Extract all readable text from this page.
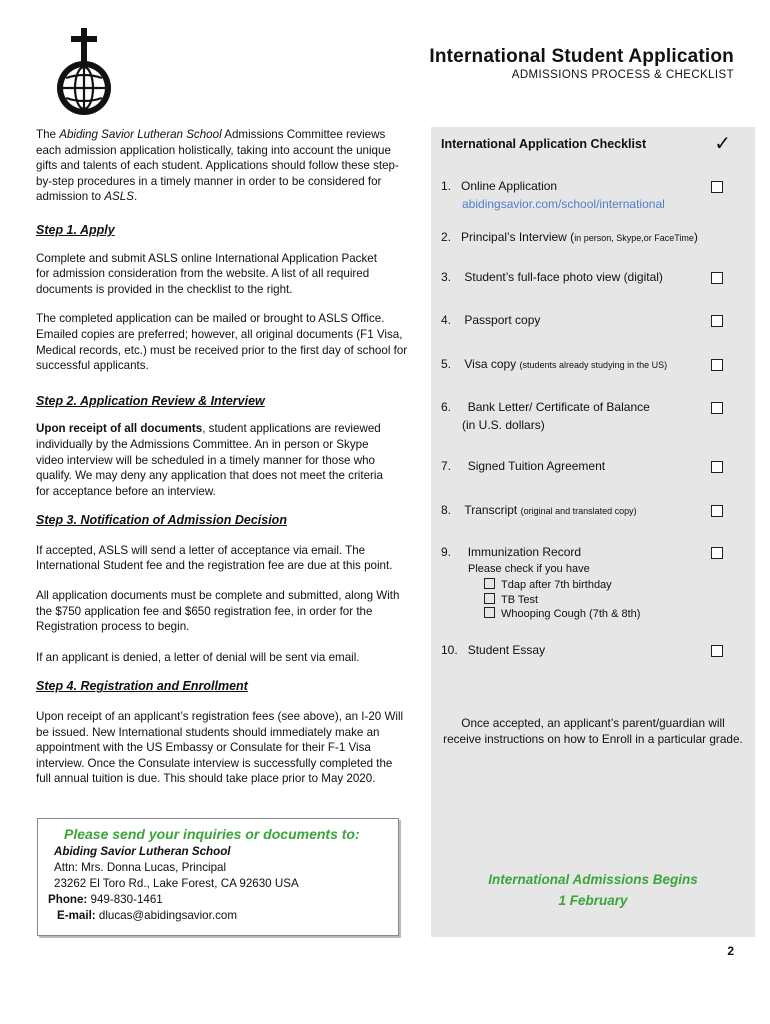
International Student Application
ADMISSIONS PROCESS & CHECKLIST

The Abiding Savior Lutheran School Admissions Committee reviews each admission application holistically, taking into account the unique gifts and talents of each student. Applications should follow these step-by-step procedures in a timely manner in order to be considered for admission to ASLS.

Step 1. Apply

Complete and submit ASLS online International Application Packet for admission consideration from the website. A list of all required documents is provided in the checklist to the right.

The completed application can be mailed or brought to ASLS Office. Emailed copies are preferred; however, all original documents (F1 Visa, Medical records, etc.) must be received prior to the first day of school for successful applicants.

Step 2. Application Review & Interview

Upon receipt of all documents, student applications are reviewed individually by the Admissions Committee. An in person or Skype video interview will be scheduled in a timely manner for those who qualify. We may deny any application that does not meet the criteria for acceptance before an interview.

Step 3. Notification of Admission Decision

If accepted, ASLS will send a letter of acceptance via email. The International Student fee and the registration fee are due at this point.

All application documents must be complete and submitted, along With the $750 application fee and $650 registration fee, in order for the Registration process to begin.

If an applicant is denied, a letter of denial will be sent via email.

Step 4. Registration and Enrollment

Upon receipt of an applicant’s registration fees (see above), an I-20 Will be issued. New International students should immediately make an appointment with the US Embassy or Consulate for their F-1 Visa interview. Once the Consulate interview is successfully completed the full annual tuition is due. This should take place prior to May 2020.

Please send your inquiries or documents to:
Abiding Savior Lutheran School
Attn: Mrs. Donna Lucas, Principal
23262 El Toro Rd., Lake Forest, CA 92630 USA
Phone: 949-830-1461
E-mail: dlucas@abidingsavior.com
International Application Checklist	✓
1. Online Application
abidingsavior.com/school/international
2. Principal’s Interview (in person, Skype,or FaceTime)
3. Student’s full-face photo view (digital)
4. Passport copy
5. Visa copy (students already studying in the US)
6. Bank Letter/ Certificate of Balance
(in U.S. dollars)
7. Signed Tuition Agreement
8. Transcript (original and translated copy)
9. Immunization Record
Please check if you have
Tdap after 7th birthday
TB Test
Whooping Cough (7th & 8th)
10. Student Essay
Once accepted, an applicant’s parent/guardian will receive instructions on how to Enroll in a particular grade.
International Admissions Begins
1 February
2
